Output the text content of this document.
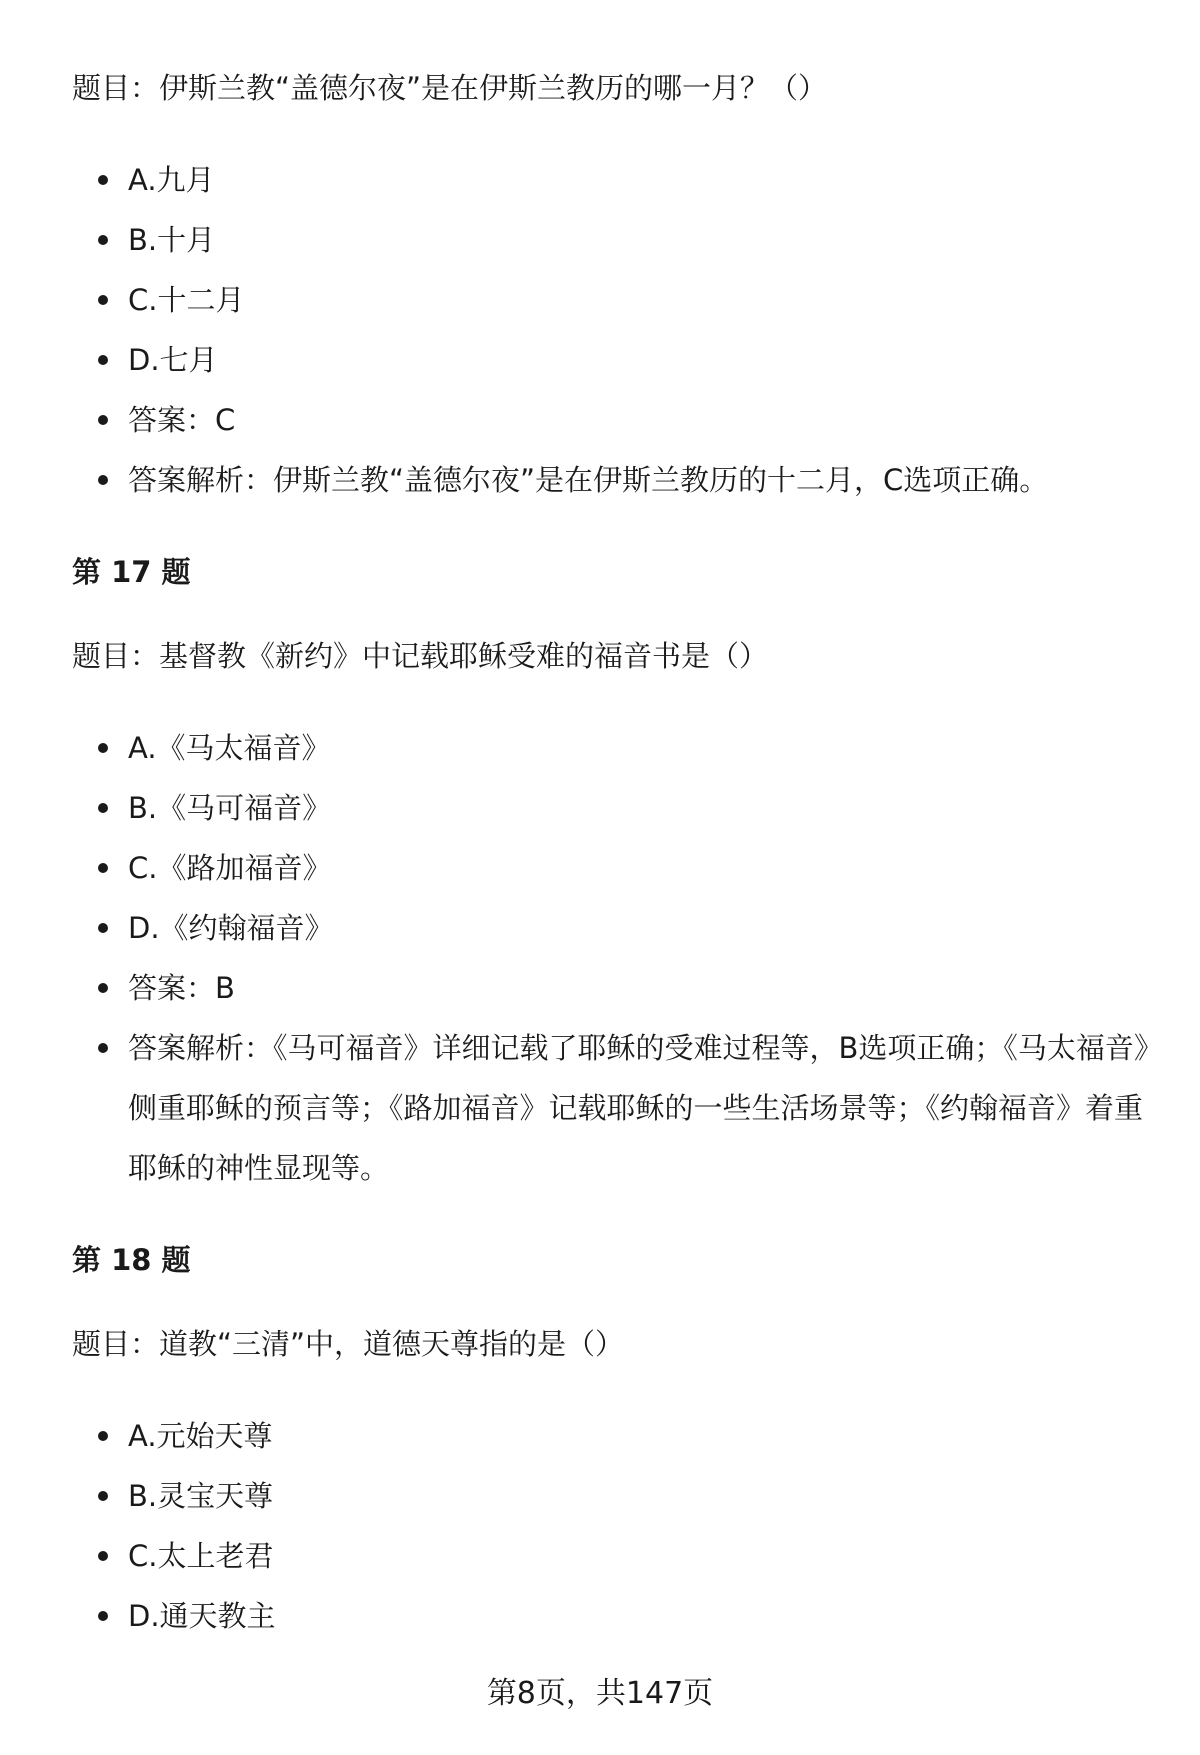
题目：伊斯兰教“盖德尔夜”是在伊斯兰教历的哪一月？（）

A.九月
B.十月
C.十二月
D.七月
答案：C
答案解析：伊斯兰教“盖德尔夜”是在伊斯兰教历的十二月，C选项正确。
第 17 题

题目：基督教《新约》中记载耶稣受难的福音书是（）

A.《马太福音》
B.《马可福音》
C.《路加福音》
D.《约翰福音》
答案：B
答案解析：《马可福音》详细记载了耶稣的受难过程等，B选项正确；《马太福音》侧重耶稣的预言等；《路加福音》记载耶稣的一些生活场景等；《约翰福音》着重耶稣的神性显现等。
第 18 题

题目：道教“三清”中，道德天尊指的是（）

A.元始天尊
B.灵宝天尊
C.太上老君
D.通天教主
第8页，共147页
